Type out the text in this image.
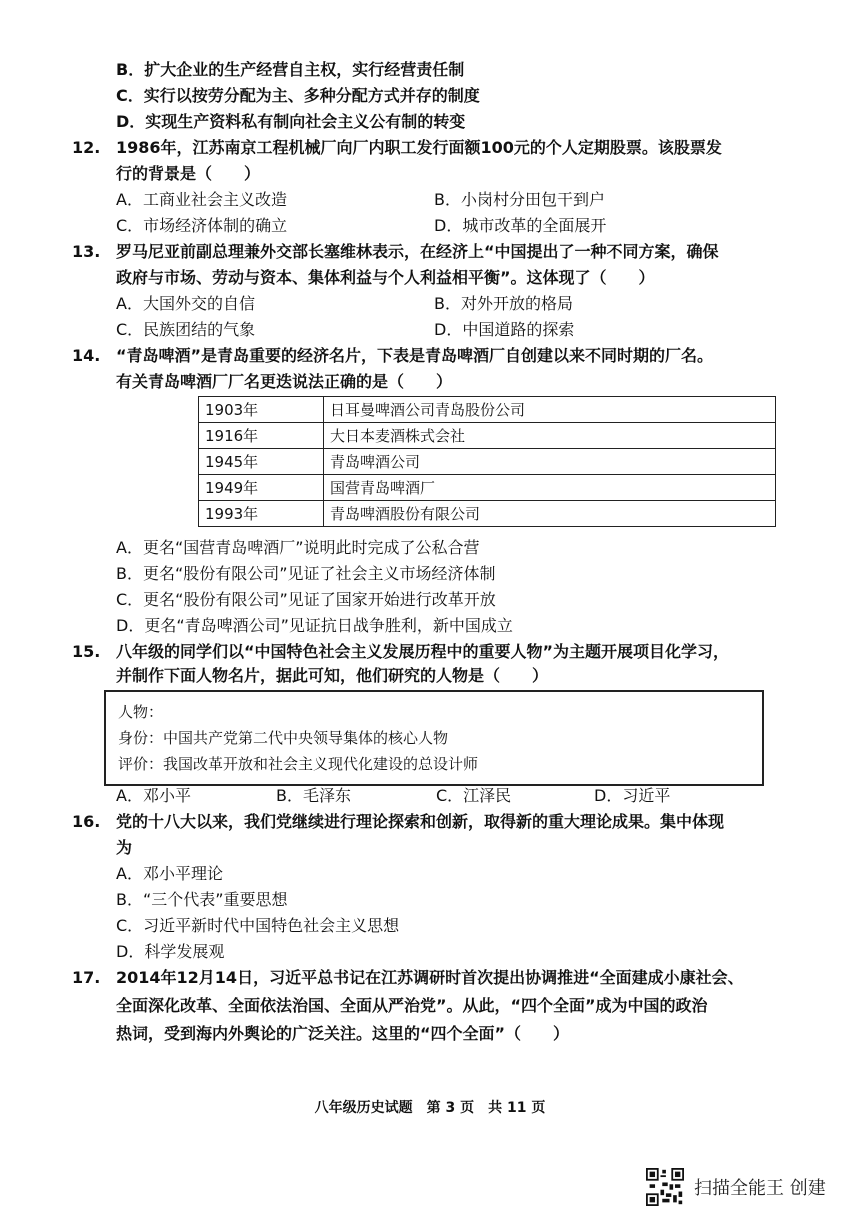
B．扩大企业的生产经营自主权，实行经营责任制
C．实行以按劳分配为主、多种分配方式并存的制度
D．实现生产资料私有制向社会主义公有制的转变
12. 1986年，江苏南京工程机械厂向厂内职工发行面额100元的个人定期股票。该股票发
行的背景是（　　）
A．工商业社会主义改造	B．小岗村分田包干到户
C．市场经济体制的确立	D．城市改革的全面展开
13. 罗马尼亚前副总理兼外交部长塞维林表示，在经济上“中国提出了一种不同方案，确保
政府与市场、劳动与资本、集体利益与个人利益相平衡”。这体现了（　　）
A．大国外交的自信	B．对外开放的格局
C．民族团结的气象	D．中国道路的探索
14. “青岛啤酒”是青岛重要的经济名片，下表是青岛啤酒厂自创建以来不同时期的厂名。
有关青岛啤酒厂厂名更迭说法正确的是（　　）
1903年	日耳曼啤酒公司青岛股份公司
1916年	大日本麦酒株式会社
1945年	青岛啤酒公司
1949年	国营青岛啤酒厂
1993年	青岛啤酒股份有限公司
A．更名“国营青岛啤酒厂”说明此时完成了公私合营
B．更名“股份有限公司”见证了社会主义市场经济体制
C．更名“股份有限公司”见证了国家开始进行改革开放
D．更名“青岛啤酒公司”见证抗日战争胜利，新中国成立
15. 八年级的同学们以“中国特色社会主义发展历程中的重要人物”为主题开展项目化学习，
并制作下面人物名片，据此可知，他们研究的人物是（　　）
人物：
身份：中国共产党第二代中央领导集体的核心人物
评价：我国改革开放和社会主义现代化建设的总设计师
A．邓小平	B．毛泽东	C．江泽民	D．习近平
16. 党的十八大以来，我们党继续进行理论探索和创新，取得新的重大理论成果。集中体现
为
A．邓小平理论
B．“三个代表”重要思想
C．习近平新时代中国特色社会主义思想
D．科学发展观
17. 2014年12月14日，习近平总书记在江苏调研时首次提出协调推进“全面建成小康社会、
全面深化改革、全面依法治国、全面从严治党”。从此，“四个全面”成为中国的政治
热词，受到海内外舆论的广泛关注。这里的“四个全面”（　　）
八年级历史试题　第 3 页　共 11 页
扫描全能王 创建
